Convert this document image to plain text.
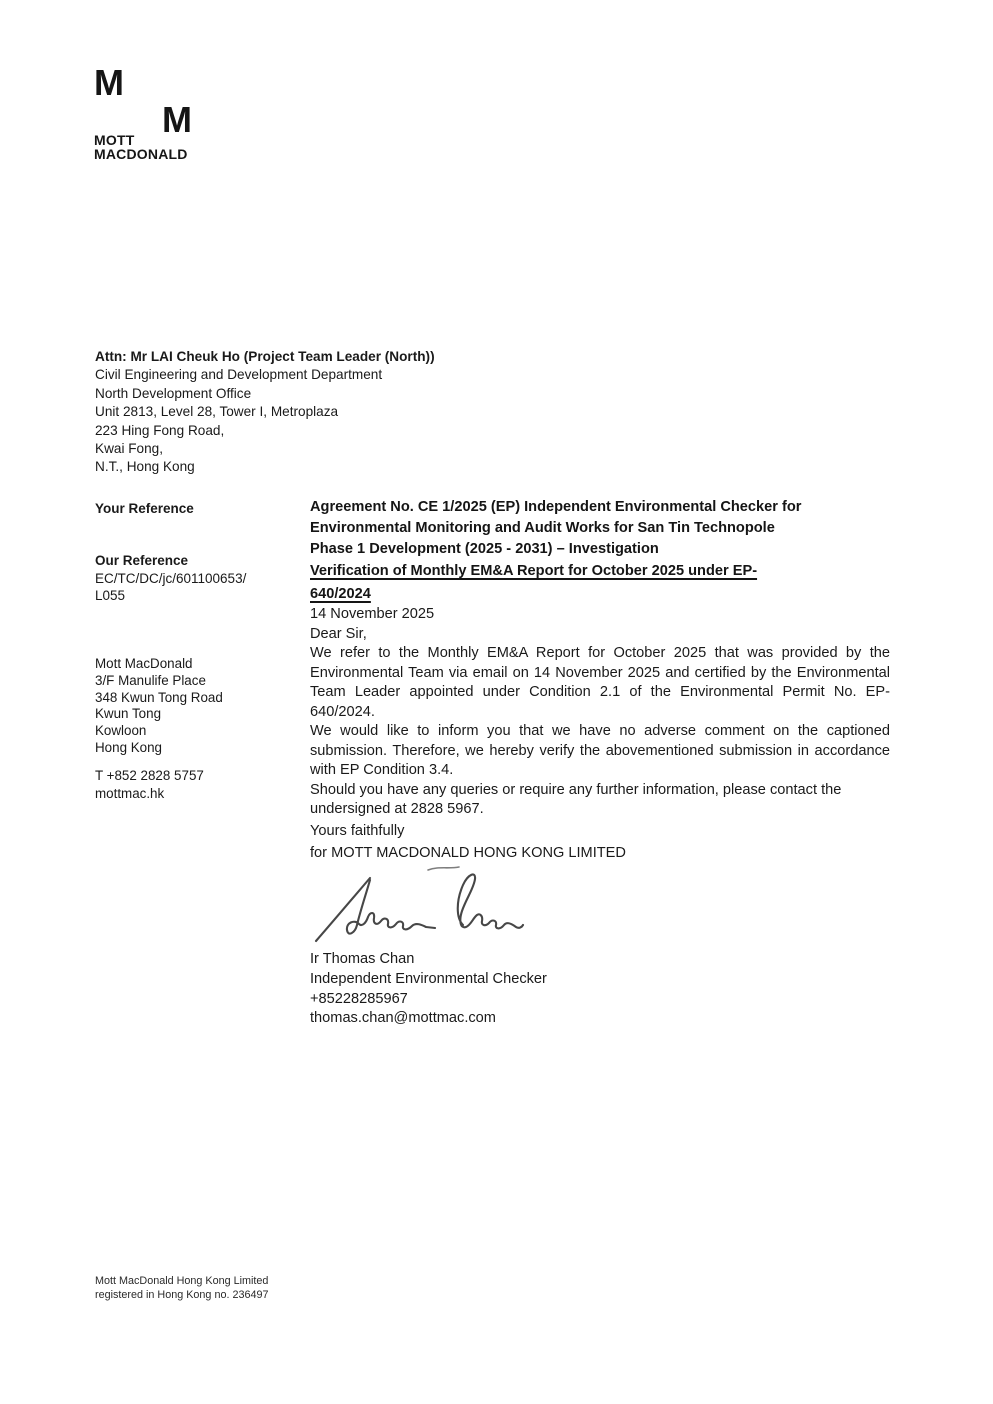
M
M
MOTT
MACDONALD
Attn: Mr LAI Cheuk Ho (Project Team Leader (North))
Civil Engineering and Development Department
North Development Office
Unit 2813, Level 28, Tower I, Metroplaza
223 Hing Fong Road,
Kwai Fong,
N.T., Hong Kong
Your Reference
Our Reference
EC/TC/DC/jc/601100653/
L055
Mott MacDonald
3/F Manulife Place
348 Kwun Tong Road
Kwun Tong
Kowloon
Hong Kong
T +852 2828 5757
mottmac.hk
Agreement No. CE 1/2025 (EP) Independent Environmental Checker for
Environmental Monitoring and Audit Works for San Tin Technopole
Phase 1 Development (2025 - 2031) – Investigation
Verification of Monthly EM&A Report for October 2025 under EP-
640/2024
14 November 2025
Dear Sir,
We refer to the Monthly EM&A Report for October 2025 that was provided by the Environmental Team via email on 14 November 2025 and certified by the Environmental Team Leader appointed under Condition 2.1 of the Environmental Permit No. EP-640/2024.
We would like to inform you that we have no adverse comment on the captioned submission. Therefore, we hereby verify the abovementioned submission in accordance with EP Condition 3.4.
Should you have any queries or require any further information, please contact the undersigned at 2828 5967.
Yours faithfully
for MOTT MACDONALD HONG KONG LIMITED
Ir Thomas Chan
Independent Environmental Checker
+85228285967
thomas.chan@mottmac.com
Mott MacDonald Hong Kong Limited
registered in Hong Kong no. 236497
